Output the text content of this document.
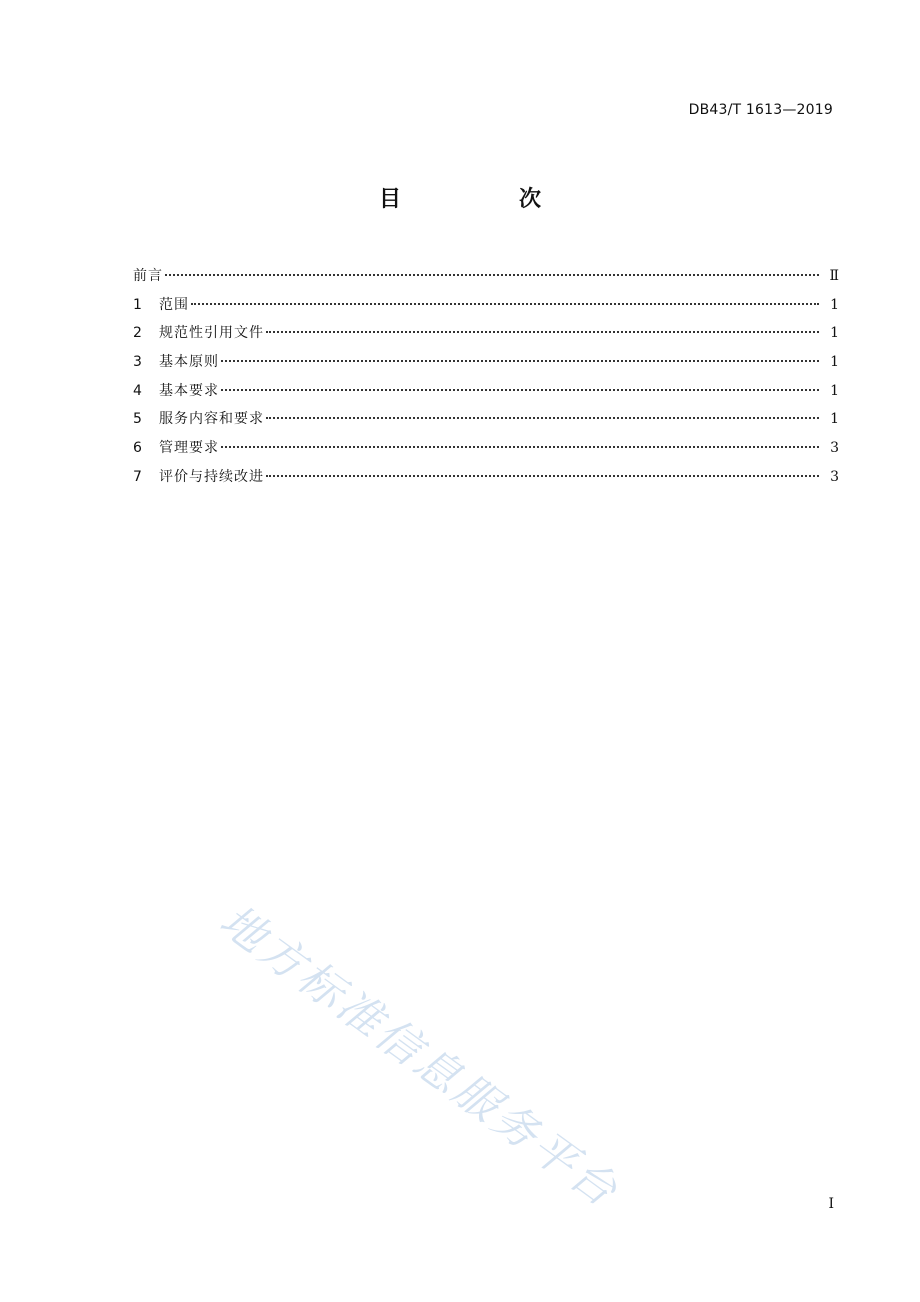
DB43/T 1613—2019
目　次
前言	Ⅱ
1	范围	1
2	规范性引用文件	1
3	基本原则	1
4	基本要求	1
5	服务内容和要求	1
6	管理要求	3
7	评价与持续改进	3
地方标准信息服务平台	I
